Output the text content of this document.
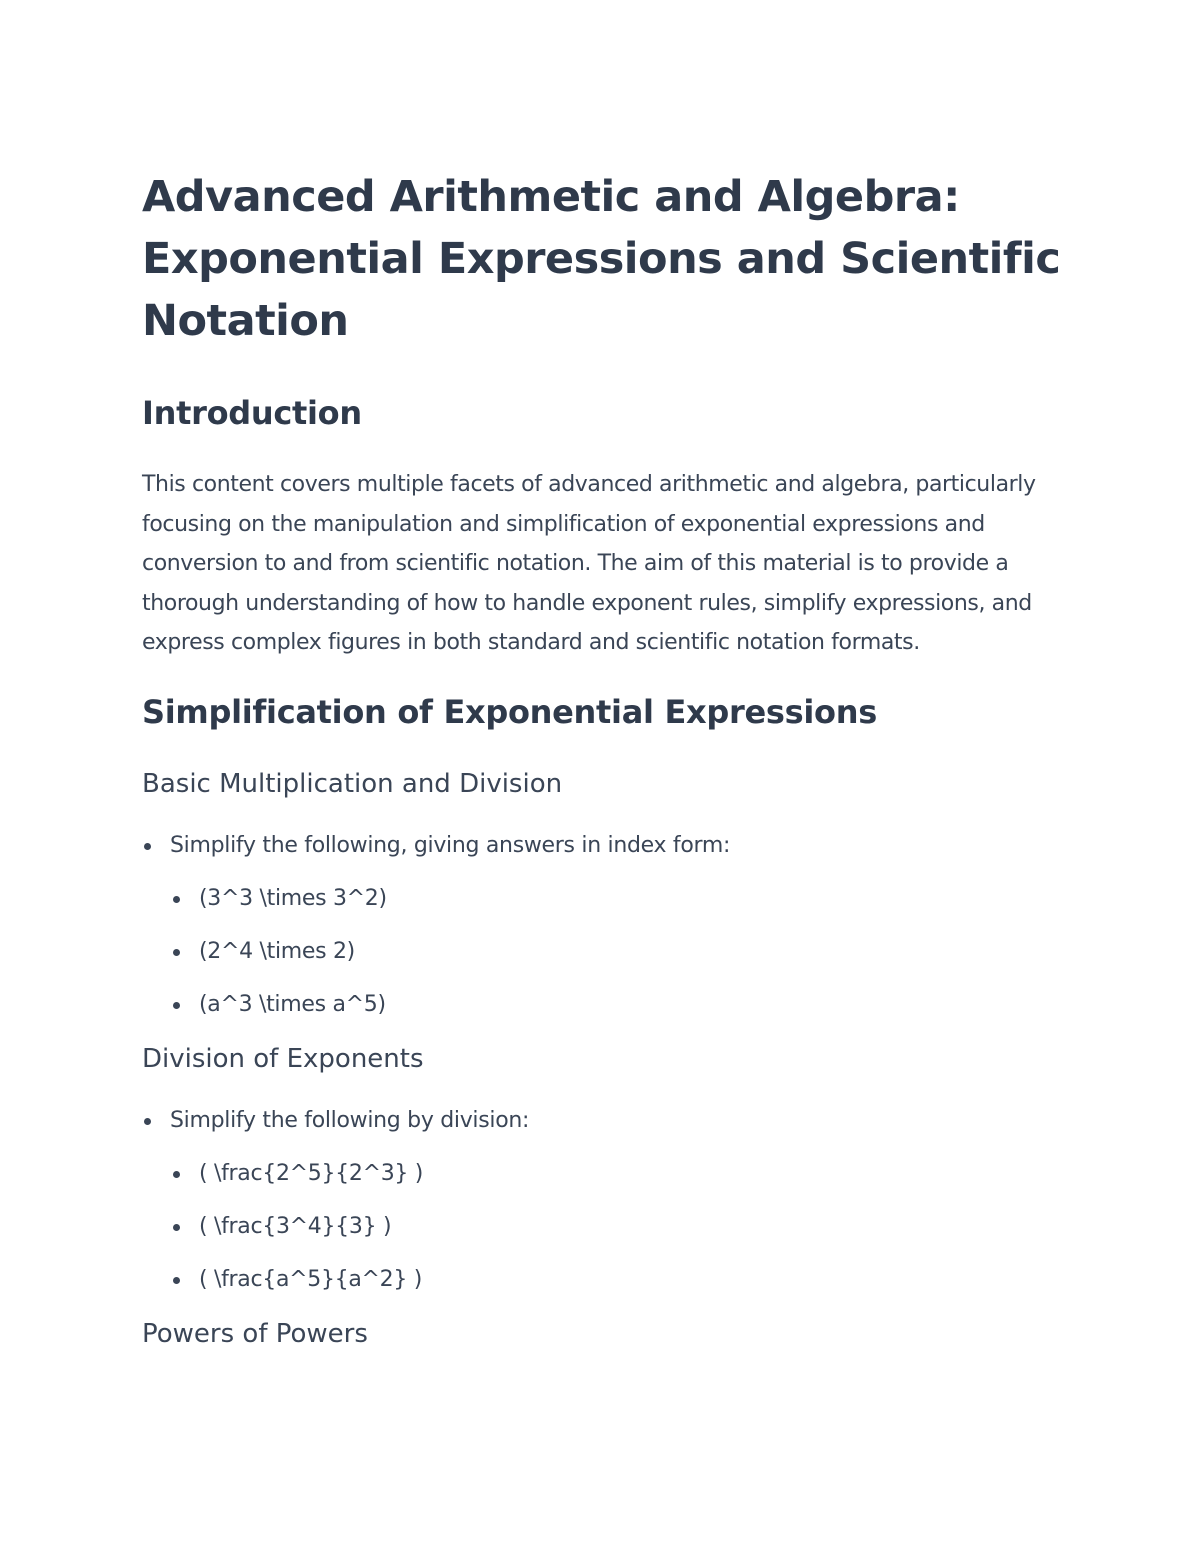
Advanced Arithmetic and Algebra:
Exponential Expressions and Scientific
Notation
Introduction

This content covers multiple facets of advanced arithmetic and algebra, particularly focusing on the manipulation and simplification of exponential expressions and conversion to and from scientific notation. The aim of this material is to provide a thorough understanding of how to handle exponent rules, simplify expressions, and express complex figures in both standard and scientific notation formats.

Simplification of Exponential Expressions
Basic Multiplication and Division
Simplify the following, giving answers in index form:
(3^3 \times 3^2)
(2^4 \times 2)
(a^3 \times a^5)
Division of Exponents
Simplify the following by division:
( \frac{2^5}{2^3} )
( \frac{3^4}{3} )
( \frac{a^5}{a^2} )
Powers of Powers
